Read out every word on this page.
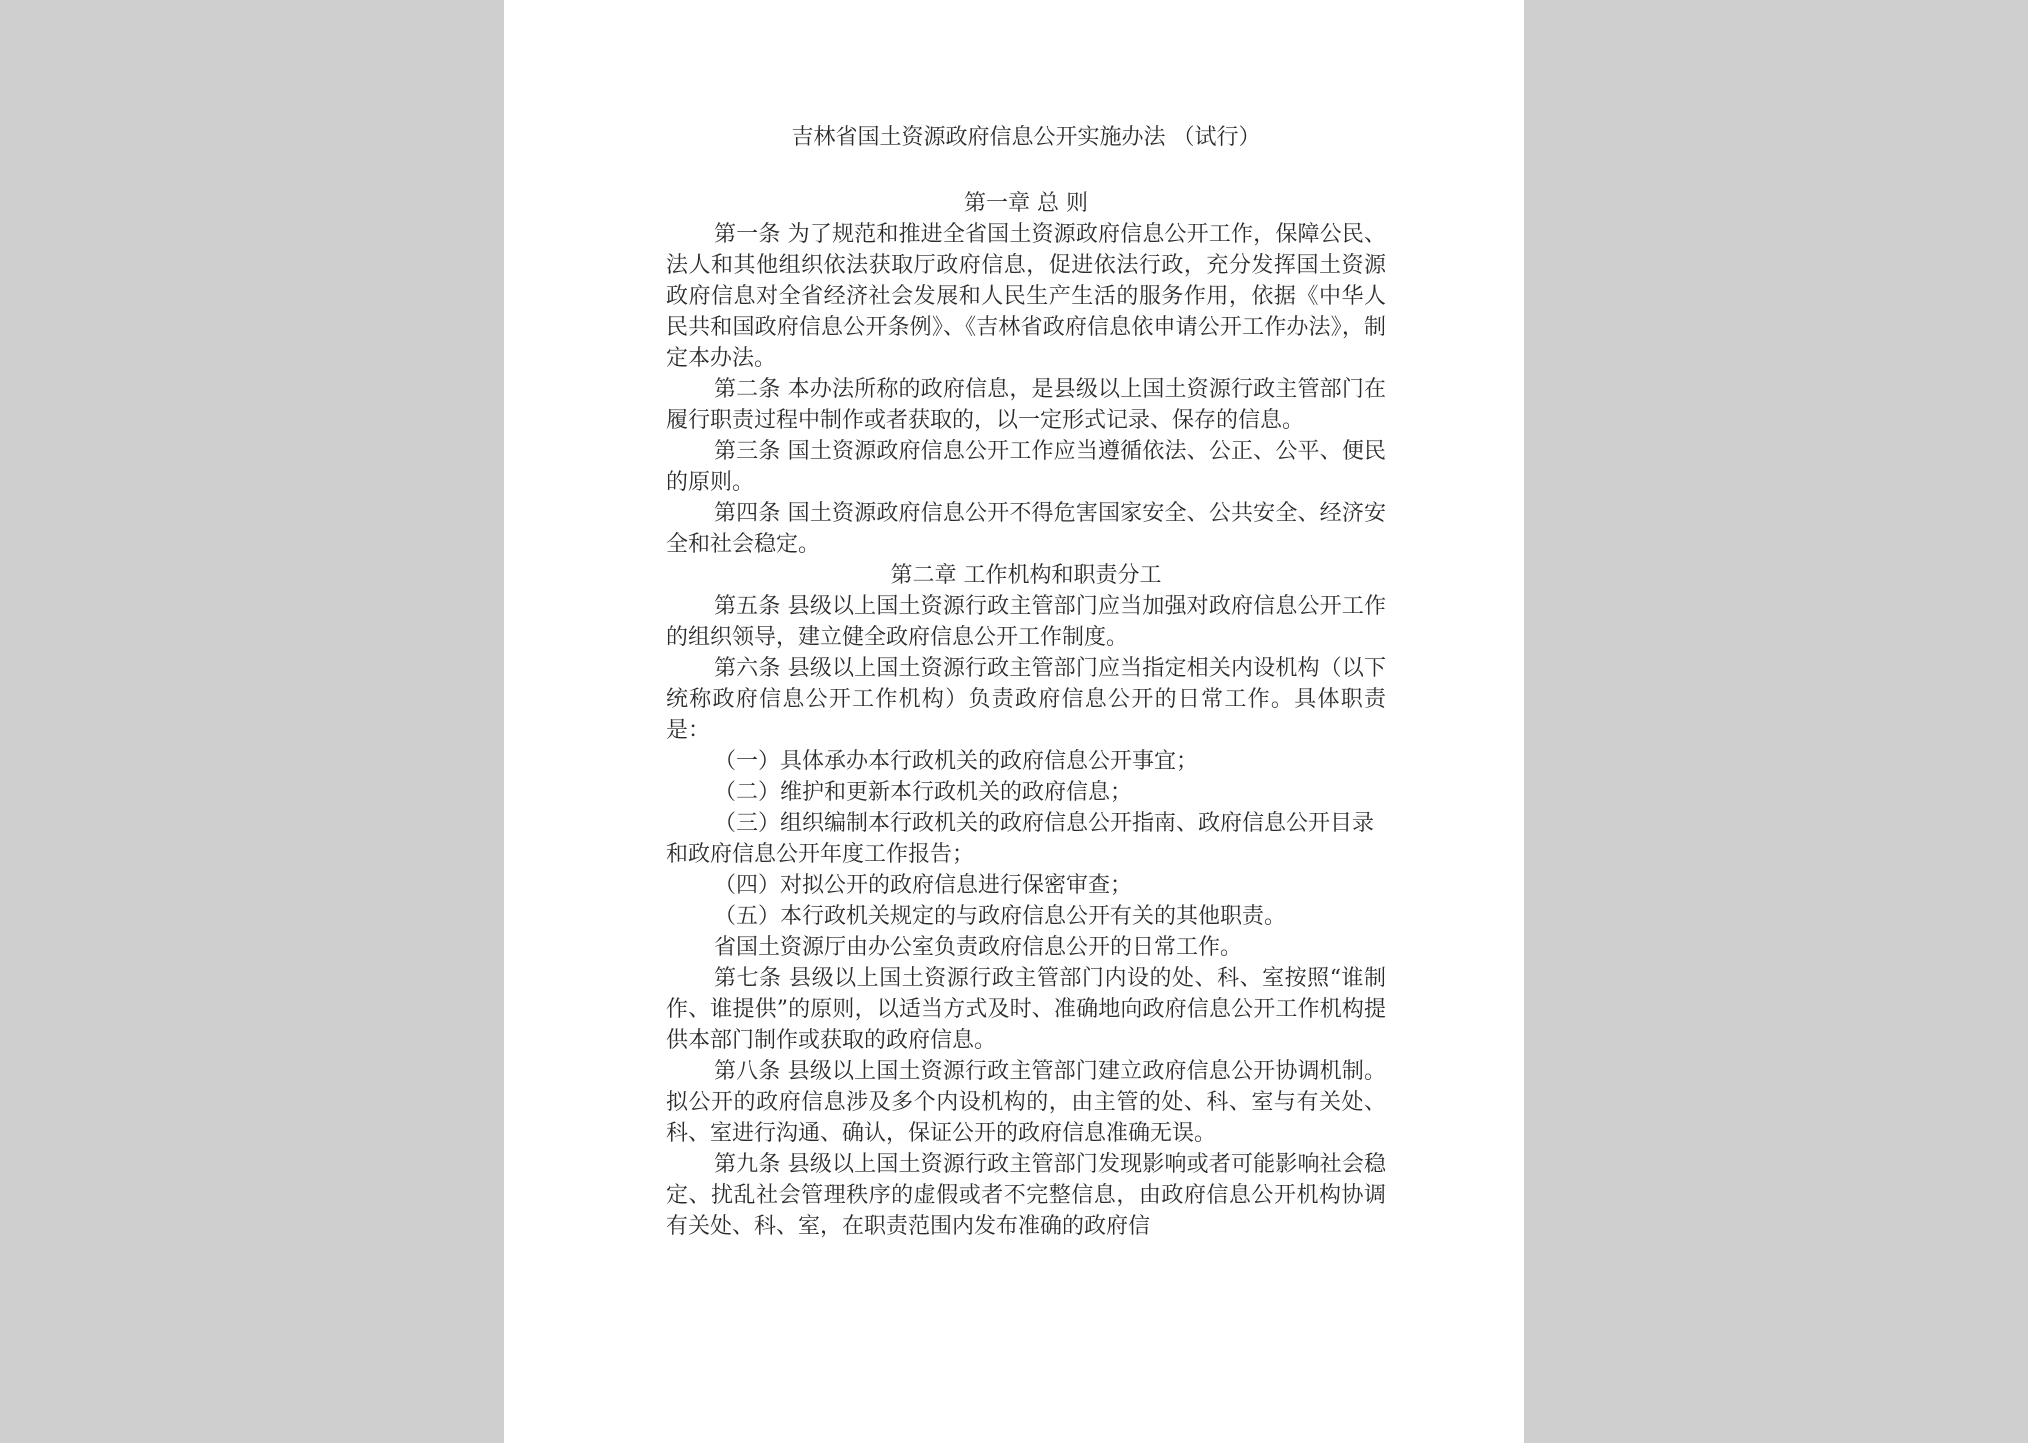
吉林省国土资源政府信息公开实施办法 （试行）

第一章 总 则

第一条 为了规范和推进全省国土资源政府信息公开工作，保障公民、法人和其他组织依法获取厅政府信息，促进依法行政，充分发挥国土资源政府信息对全省经济社会发展和人民生产生活的服务作用，依据《中华人民共和国政府信息公开条例》、《吉林省政府信息依申请公开工作办法》，制定本办法。

第二条 本办法所称的政府信息，是县级以上国土资源行政主管部门在履行职责过程中制作或者获取的，以一定形式记录、保存的信息。

第三条 国土资源政府信息公开工作应当遵循依法、公正、公平、便民的原则。

第四条 国土资源政府信息公开不得危害国家安全、公共安全、经济安全和社会稳定。

第二章 工作机构和职责分工

第五条 县级以上国土资源行政主管部门应当加强对政府信息公开工作的组织领导，建立健全政府信息公开工作制度。

第六条 县级以上国土资源行政主管部门应当指定相关内设机构（以下统称政府信息公开工作机构）负责政府信息公开的日常工作。具体职责是：

（一）具体承办本行政机关的政府信息公开事宜；

（二）维护和更新本行政机关的政府信息；

（三）组织编制本行政机关的政府信息公开指南、政府信息公开目录和政府信息公开年度工作报告；

（四）对拟公开的政府信息进行保密审查；

（五）本行政机关规定的与政府信息公开有关的其他职责。

省国土资源厅由办公室负责政府信息公开的日常工作。

第七条 县级以上国土资源行政主管部门内设的处、科、室按照“谁制作、谁提供”的原则，以适当方式及时、准确地向政府信息公开工作机构提供本部门制作或获取的政府信息。

第八条 县级以上国土资源行政主管部门建立政府信息公开协调机制。拟公开的政府信息涉及多个内设机构的，由主管的处、科、室与有关处、科、室进行沟通、确认，保证公开的政府信息准确无误。

第九条 县级以上国土资源行政主管部门发现影响或者可能影响社会稳定、扰乱社会管理秩序的虚假或者不完整信息，由政府信息公开机构协调有关处、科、室，在职责范围内发布准确的政府信
